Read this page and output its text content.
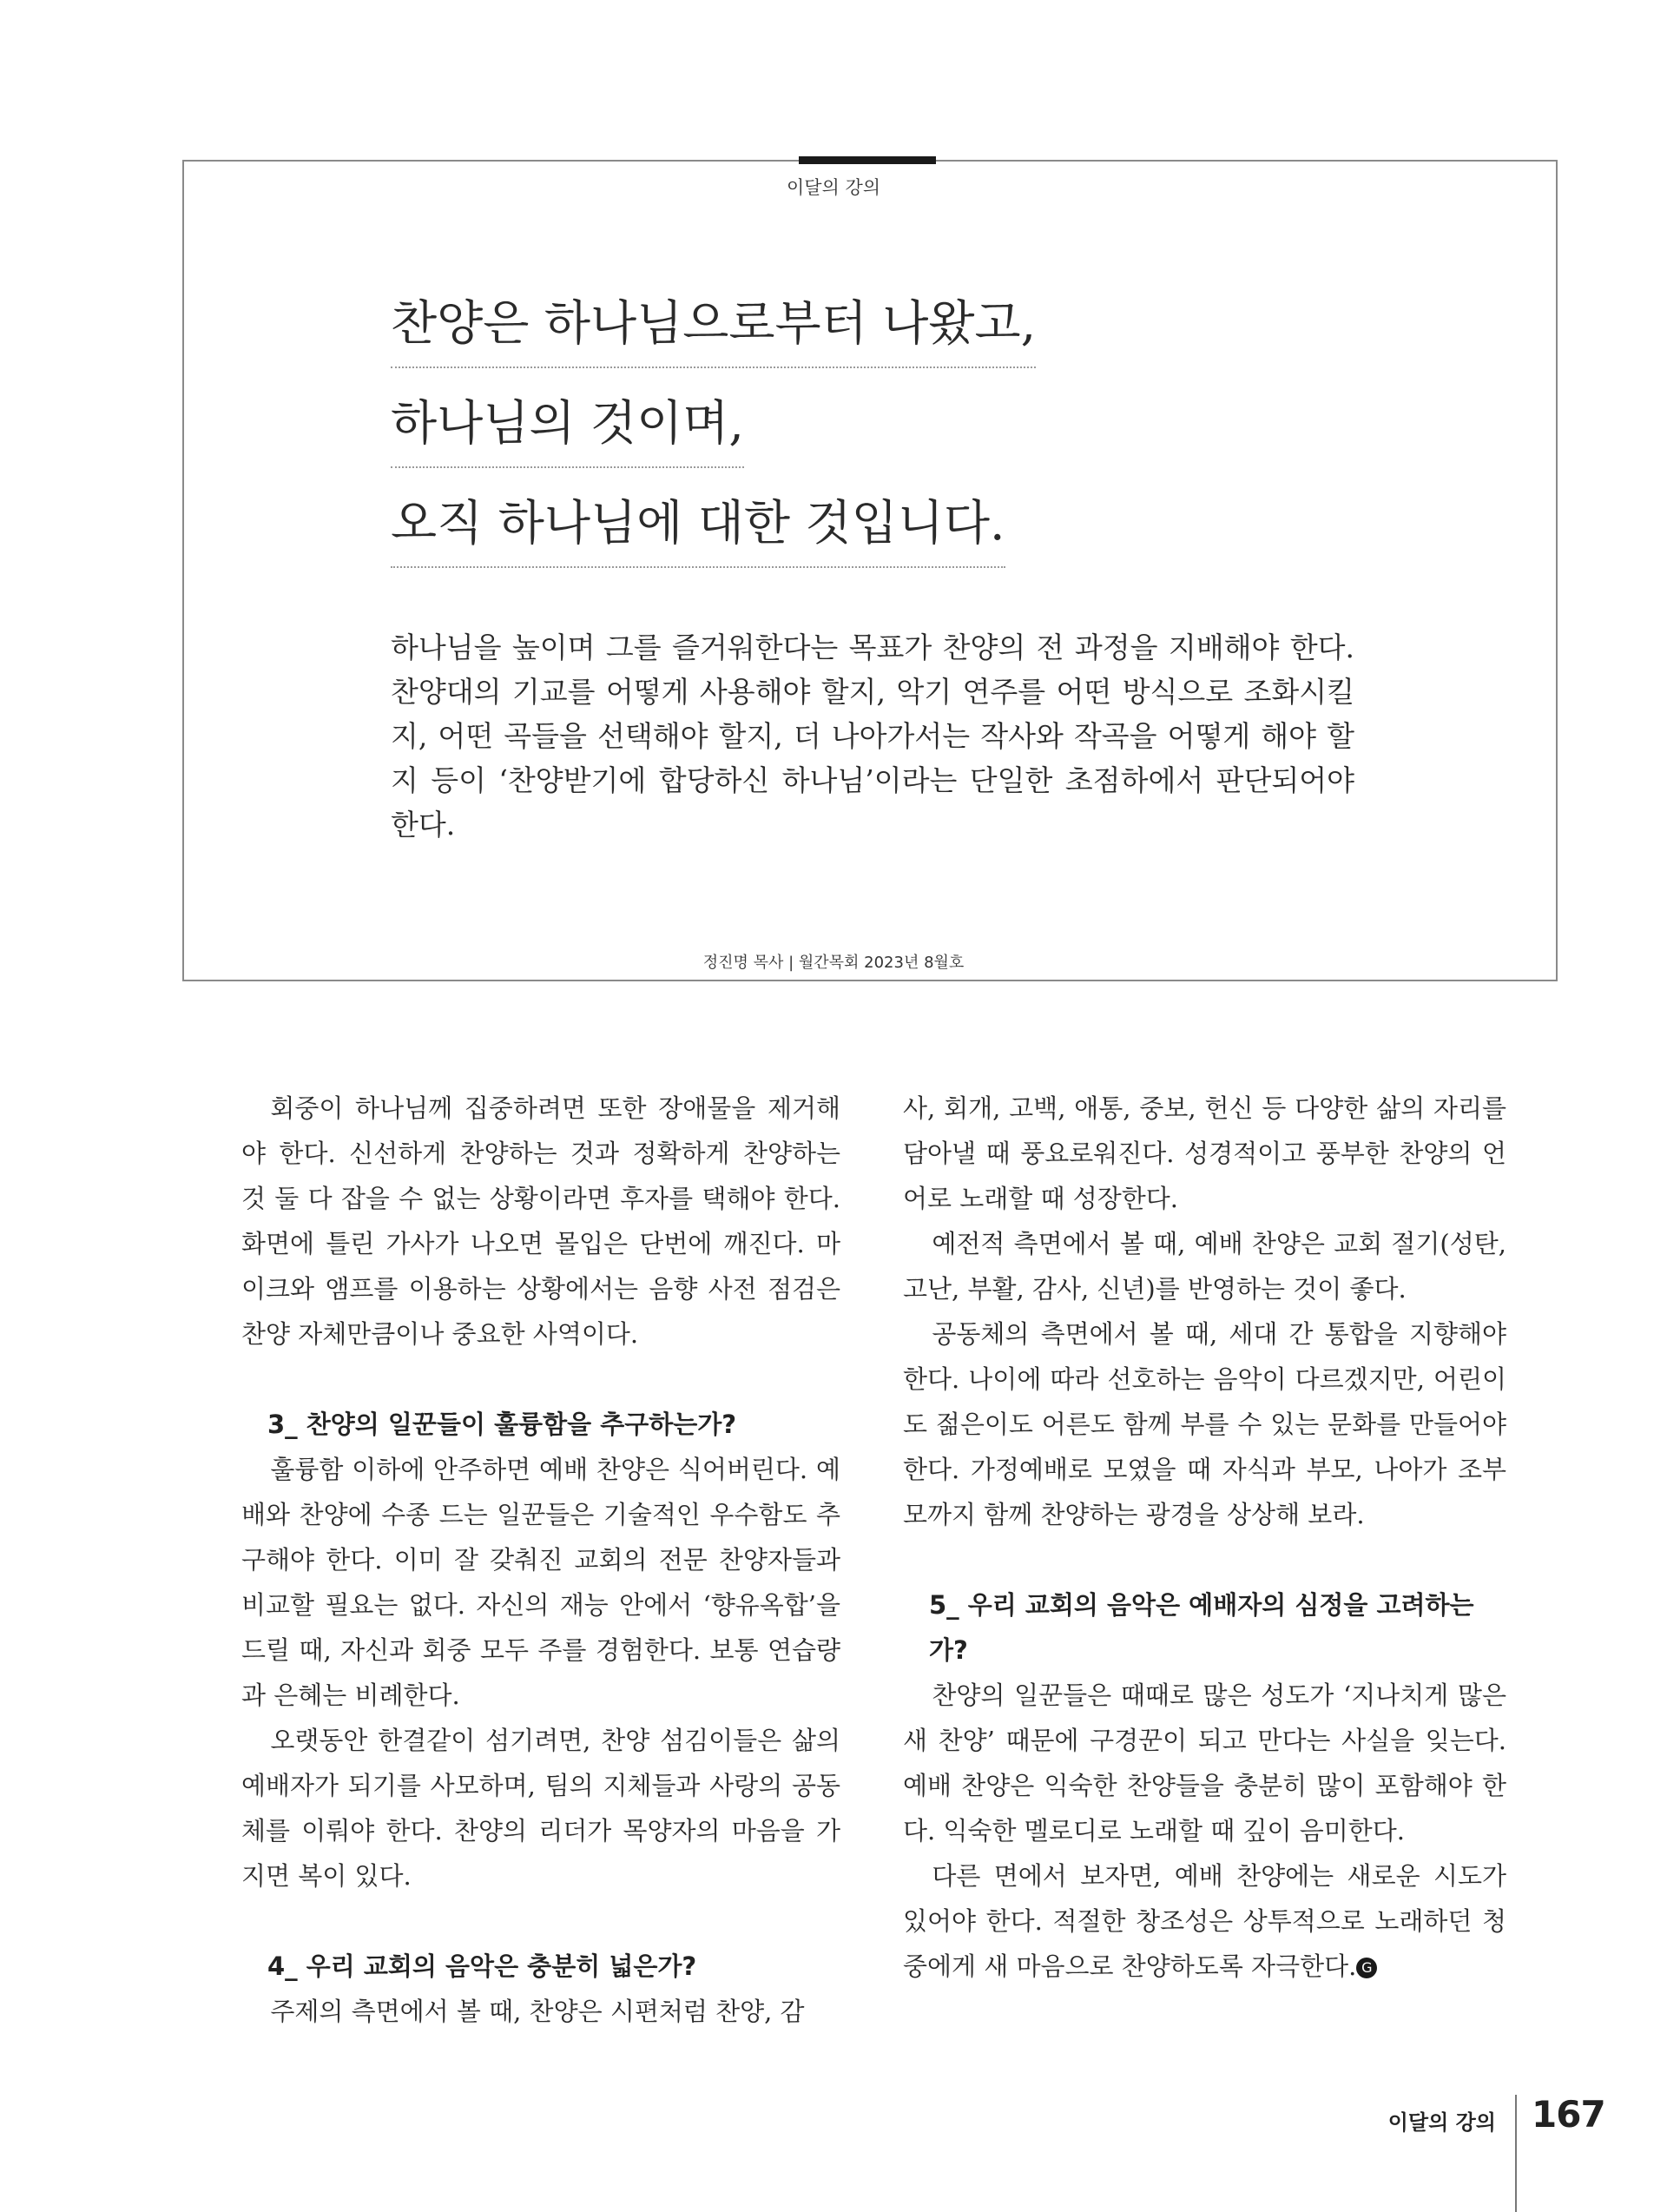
이달의 강의
찬양은 하나님으로부터 나왔고,
하나님의 것이며,
오직 하나님에 대한 것입니다.
하나님을 높이며 그를 즐거워한다는 목표가 찬양의 전 과정을 지배해야 한다. 찬양대의 기교를 어떻게 사용해야 할지, 악기 연주를 어떤 방식으로 조화시킬지, 어떤 곡들을 선택해야 할지, 더 나아가서는 작사와 작곡을 어떻게 해야 할지 등이 ‘찬양받기에 합당하신 하나님’이라는 단일한 초점하에서 판단되어야 한다.
정진명 목사 | 월간목회 2023년 8월호

회중이 하나님께 집중하려면 또한 장애물을 제거해야 한다. 신선하게 찬양하는 것과 정확하게 찬양하는 것 둘 다 잡을 수 없는 상황이라면 후자를 택해야 한다. 화면에 틀린 가사가 나오면 몰입은 단번에 깨진다. 마이크와 앰프를 이용하는 상황에서는 음향 사전 점검은 찬양 자체만큼이나 중요한 사역이다.

3_ 찬양의 일꾼들이 훌륭함을 추구하는가?

훌륭함 이하에 안주하면 예배 찬양은 식어버린다. 예배와 찬양에 수종 드는 일꾼들은 기술적인 우수함도 추구해야 한다. 이미 잘 갖춰진 교회의 전문 찬양자들과 비교할 필요는 없다. 자신의 재능 안에서 ‘향유옥합’을 드릴 때, 자신과 회중 모두 주를 경험한다. 보통 연습량과 은혜는 비례한다.

오랫동안 한결같이 섬기려면, 찬양 섬김이들은 삶의 예배자가 되기를 사모하며, 팀의 지체들과 사랑의 공동체를 이뤄야 한다. 찬양의 리더가 목양자의 마음을 가지면 복이 있다.

4_ 우리 교회의 음악은 충분히 넓은가?

주제의 측면에서 볼 때, 찬양은 시편처럼 찬양, 감

사, 회개, 고백, 애통, 중보, 헌신 등 다양한 삶의 자리를 담아낼 때 풍요로워진다. 성경적이고 풍부한 찬양의 언어로 노래할 때 성장한다.

예전적 측면에서 볼 때, 예배 찬양은 교회 절기(성탄, 고난, 부활, 감사, 신년)를 반영하는 것이 좋다.

공동체의 측면에서 볼 때, 세대 간 통합을 지향해야 한다. 나이에 따라 선호하는 음악이 다르겠지만, 어린이도 젊은이도 어른도 함께 부를 수 있는 문화를 만들어야 한다. 가정예배로 모였을 때 자식과 부모, 나아가 조부모까지 함께 찬양하는 광경을 상상해 보라.

5_ 우리 교회의 음악은 예배자의 심정을 고려하는가?

찬양의 일꾼들은 때때로 많은 성도가 ‘지나치게 많은 새 찬양’ 때문에 구경꾼이 되고 만다는 사실을 잊는다. 예배 찬양은 익숙한 찬양들을 충분히 많이 포함해야 한다. 익숙한 멜로디로 노래할 때 깊이 음미한다.

다른 면에서 보자면, 예배 찬양에는 새로운 시도가 있어야 한다. 적절한 창조성은 상투적으로 노래하던 청중에게 새 마음으로 찬양하도록 자극한다. G

이달의 강의 167
